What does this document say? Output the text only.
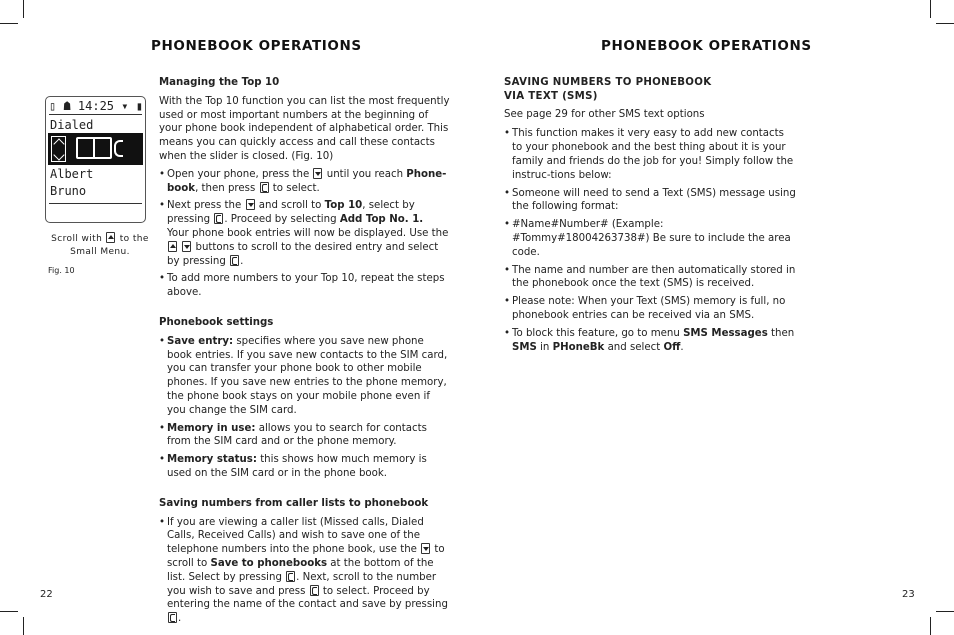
PHONEBOOK OPERATIONS	PHONEBOOK OPERATIONS
▯ ☗ 14:25 ▾ ▮
Dialed
Albert
Bruno
Scroll with to the
Small Menu.
Fig. 10

Managing the Top 10

With the Top 10 function you can list the most frequently used or most important numbers at the beginning of your phone book independent of alphabetical order. This means you can quickly access and call these contacts when the slider is closed. (Fig. 10)

• Open your phone, press the until you reach Phone-book, then press to select.
• Next press the and scroll to Top 10, select by pressing . Proceed by selecting Add Top No. 1.
Your phone book entries will now be displayed. Use the   buttons to scroll to the desired entry and select by pressing .
• To add more numbers to your Top 10, repeat the steps above.

Phonebook settings

• Save entry: specifies where you save new phone book entries. If you save new contacts to the SIM card, you can transfer your phone book to other mobile phones. If you save new entries to the phone memory, the phone book stays on your mobile phone even if you change the SIM card.
• Memory in use: allows you to search for contacts from the SIM card and or the phone memory.
• Memory status: this shows how much memory is used on the SIM card or in the phone book.

Saving numbers from caller lists to phonebook

• If you are viewing a caller list (Missed calls, Dialed Calls, Received Calls) and wish to save one of the telephone numbers into the phone book, use the to scroll to Save to phonebooks at the bottom of the list. Select by pressing . Next, scroll to the number you wish to save and press to select. Proceed by entering the name of the contact and save by pressing .

SAVING NUMBERS TO PHONEBOOK

VIA TEXT (SMS)

See page 29 for other SMS text options

• This function makes it very easy to add new contacts to your phonebook and the best thing about it is your family and friends do the job for you! Simply follow the instruc-tions below:
• Someone will need to send a Text (SMS) message using the following format:
• #Name#Number# (Example: #Tommy#18004263738#) Be sure to include the area code.
• The name and number are then automatically stored in the phonebook once the text (SMS) is received.
• Please note: When your Text (SMS) memory is full, no phonebook entries can be received via an SMS.
• To block this feature, go to menu SMS Messages then SMS in PHoneBk and select Off.
22	23
